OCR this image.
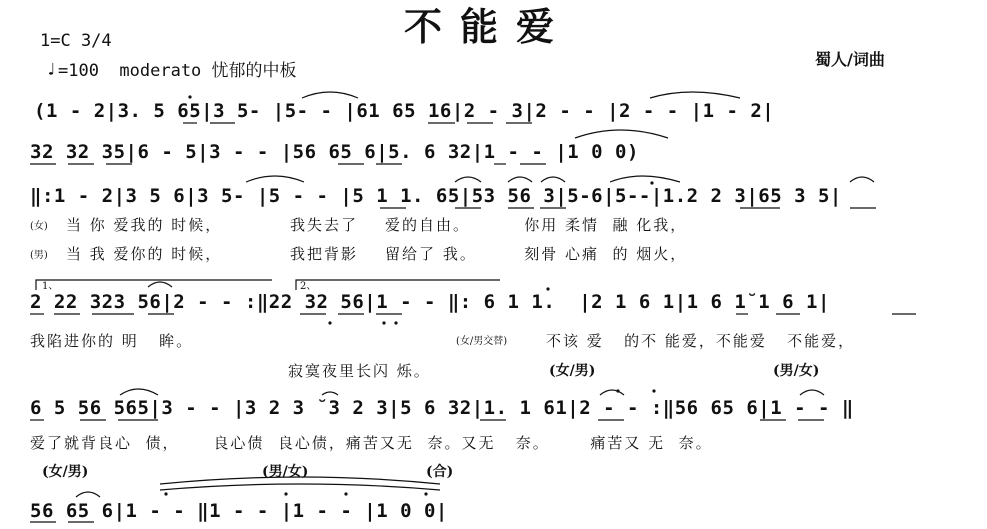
不能爱
1=C 3/4
♩ =100  moderato 忧郁的中板
蜀人/词曲
(1 - 2|3. 5 65|3 5- |5- - |61 65 16|2 - 3|2 - - |2 - - |1 - 2|
32 32 35|6 - 5|3 - - |56 65 6|5. 6 32|1 - - |1 0 0)
‖:1 - 2|3 5 6|3 5- |5 - - |5 1 1. 65|53 56 3|5-6|5--|1.2 2 3|65 3 5|
(女) 当 你 爱我的 时候，          我失去了    爱的自由。        你用 柔情  融 化我，
(男) 当 我 爱你的 时候，          我把背影    留给了 我。       刻骨 心痛  的 烟火，
1、	2、
2 22 323 56|2 - - :‖22 32 56|1 - - ‖: 6 1 1.  |2 1 6 1|1 6 1˘1 6 1|
我陷进你的 明   眸。	(女/男交替)	不该 爱   的不 能爱，不能爱   不能爱，
寂寞夜里长闪 烁。	(女/男)	(男/女)
6 5 56 565|3 - - |3 2 3 ˘3 2 3|5 6 32|1. 1 61|2 - - :‖56 65 6|1 - - ‖
爱了就背良心  债，     良心债  良心债，痛苦又无  奈。又无   奈。      痛苦又 无  奈。
(女/男)	(男/女)	(合)
56 65 6|1 - - ‖1 - - |1 - - |1 0 0|
